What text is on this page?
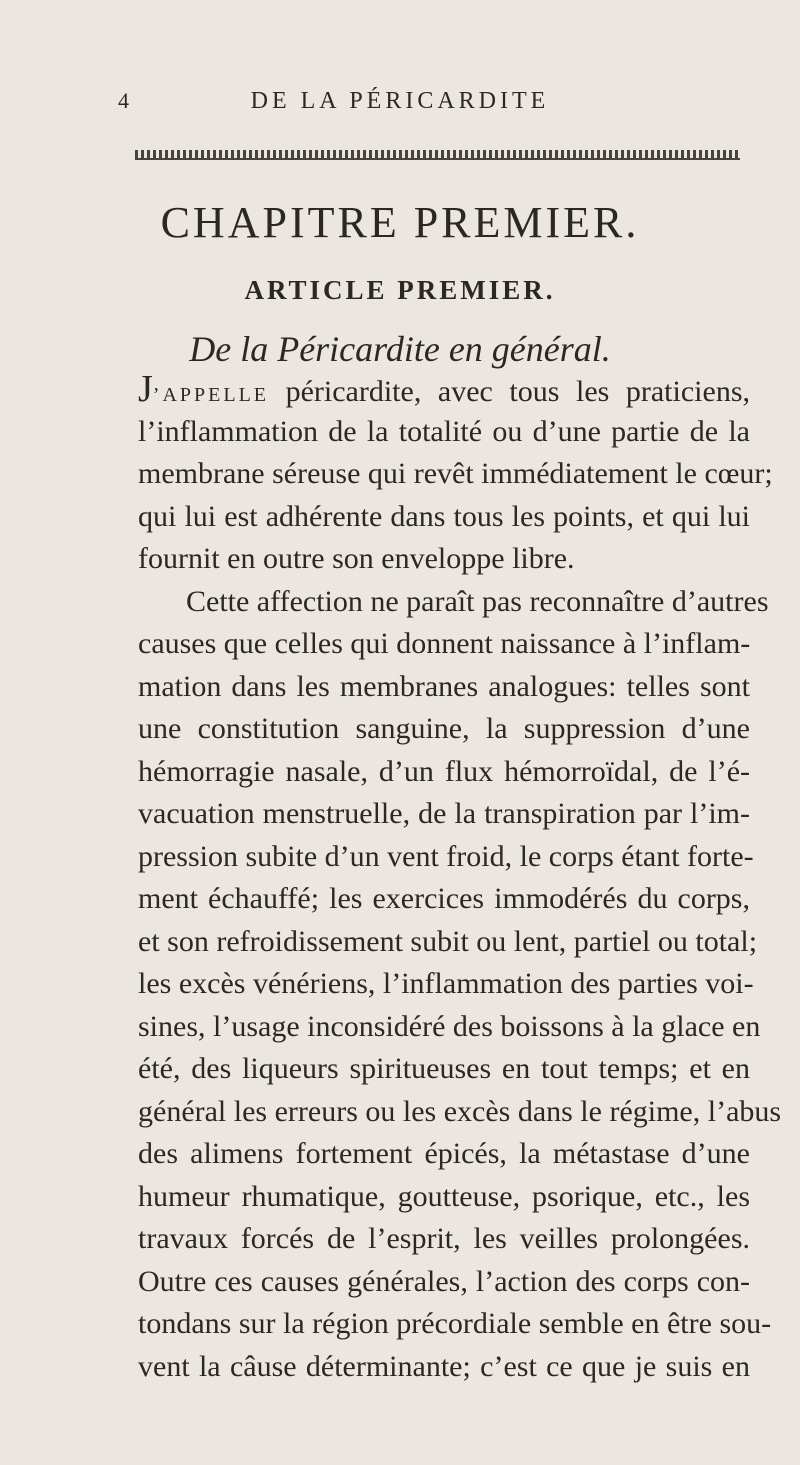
4	DE LA PÉRICARDITE
CHAPITRE PREMIER.
ARTICLE PREMIER.
De la Péricardite en général.
J’APPELLE péricardite, avec tous les praticiens,
l’inflammation de la totalité ou d’une partie de la
membrane séreuse qui revêt immédiatement le cœur;
qui lui est adhérente dans tous les points, et qui lui
fournit en outre son enveloppe libre.
Cette affection ne paraît pas reconnaître d’autres
causes que celles qui donnent naissance à l’inflam-
mation dans les membranes analogues: telles sont
une constitution sanguine, la suppression d’une
hémorragie nasale, d’un flux hémorroïdal, de l’é-
vacuation menstruelle, de la transpiration par l’im-
pression subite d’un vent froid, le corps étant forte-
ment échauffé; les exercices immodérés du corps,
et son refroidissement subit ou lent, partiel ou total;
les excès vénériens, l’inflammation des parties voi-
sines, l’usage inconsidéré des boissons à la glace en
été, des liqueurs spiritueuses en tout temps; et en
général les erreurs ou les excès dans le régime, l’abus
des alimens fortement épicés, la métastase d’une
humeur rhumatique, goutteuse, psorique, etc., les
travaux forcés de l’esprit, les veilles prolongées.
Outre ces causes générales, l’action des corps con-
tondans sur la région précordiale semble en être sou-
vent la câuse déterminante; c’est ce que je suis en
